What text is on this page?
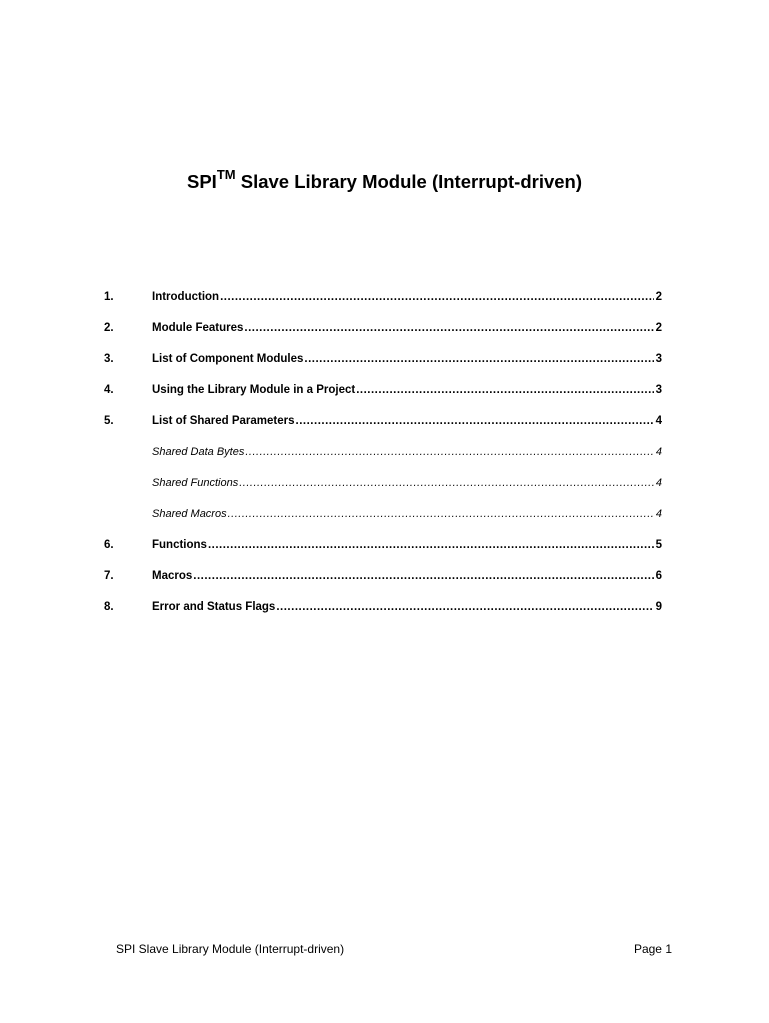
SPI™ Slave Library Module (Interrupt-driven)
1.	Introduction .....	2
2.	Module Features .....	2
3.	List of Component Modules .....	3
4.	Using the Library Module in a Project .....	3
5.	List of Shared Parameters .....	4
Shared Data Bytes .....	4
Shared Functions .....	4
Shared Macros .....	4
6.	Functions .....	5
7.	Macros .....	6
8.	Error and Status Flags .....	9
SPI Slave Library Module (Interrupt-driven)	Page 1
